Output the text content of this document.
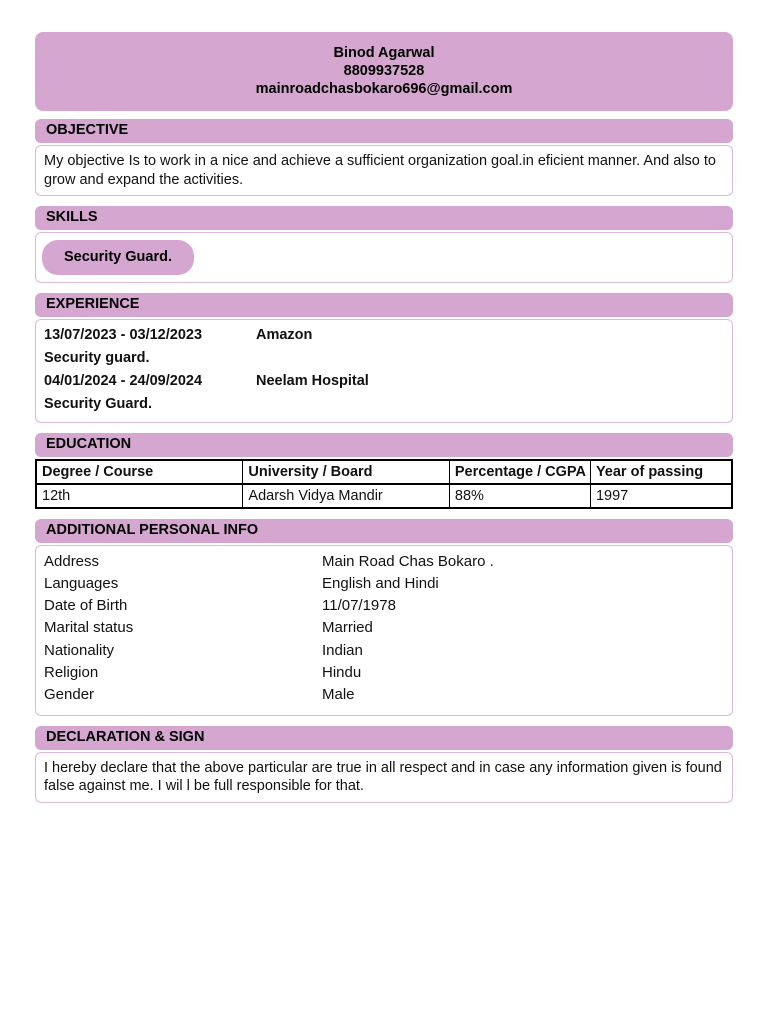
Binod Agarwal
8809937528
mainroadchasbokaro696@gmail.com
OBJECTIVE
My objective Is to work in a nice and achieve a sufficient organization goal.in eficient manner. And also to grow and expand the activities.
SKILLS
Security Guard.
EXPERIENCE
13/07/2023 - 03/12/2023	Amazon
Security guard.
04/01/2024 - 24/09/2024	Neelam Hospital
Security Guard.
EDUCATION
Degree / Course	University / Board	Percentage / CGPA	Year of passing
12th	Adarsh Vidya Mandir	88%	1997
ADDITIONAL PERSONAL INFO
Address	Main Road Chas Bokaro .
Languages	English and Hindi
Date of Birth	11/07/1978
Marital status	Married
Nationality	Indian
Religion	Hindu
Gender	Male
DECLARATION & SIGN
I hereby declare that the above particular are true in all respect and in case any information given is found false against me. I wil l be full responsible for that.
